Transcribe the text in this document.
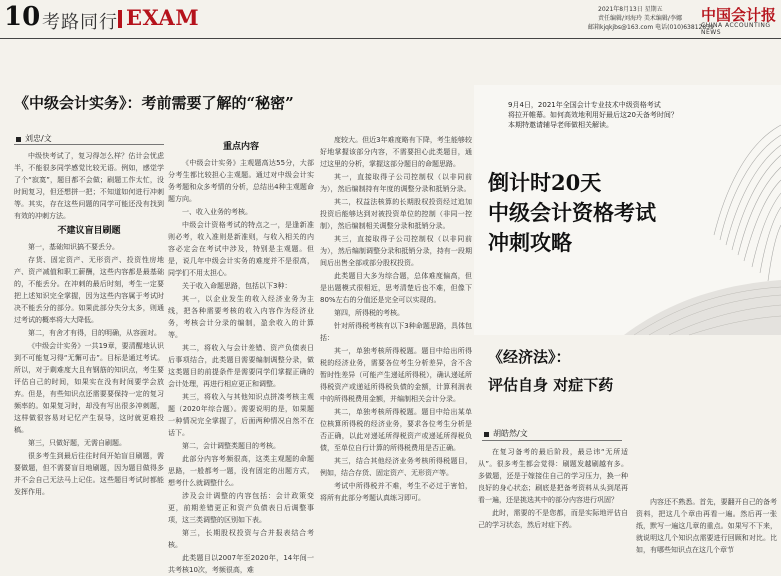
10 考路同行 EXAM	2021年8月13日 星期五
责任编辑/刘海玲 美术编辑/李娜
邮箱kjqkjbs@163.com 电话(010)63812839
中国会计报
CHINA ACCOUNTING NEWS
《中级会计实务》：考前需要了解的“秘密”
刘忠/文

中级快考试了，复习得怎么样？估计会忧虑半，不能很多同学感觉比较无语。例如，感觉学了个“寂寞”，题目都不会做；刷题工作太忙，没时间复习，但还想拼一把；不知道如何进行冲刺等。其实，存在这些问题的同学可能还没有找到有效的冲刺方法。

不建议盲目刷题

第一，基础知识搞不要丢分。

存货、固定资产、无形资产、投资性房地产、资产减值和职工薪酬，这些内容都是最基础的，不能丢分。在冲刺的最后时刻，考生一定要把上述知识完全掌握，因为这些内容属于考试时决不能丢分的部分。如果此部分失分太多，则通过考试的概率将大大降低。

第二，有舍才有得，目的明确，从容面对。

《中级会计实务》一共19章，要清醒地认识到不可能复习得“无懈可击”。目标是通过考试。所以，对于剩难度大且有钢筋的知识点，考生要评估自己的时间，如果实在没有时间要学会放弃。但是，有些知识点还需要要保持一定的复习频率的。如果复习时，却没有写出很多冲刺题，这样做很容易对记忆产生误导，这时就更难投稿。

第三，只做好题，无需自刷题。

很多考生到最后往往时间开始盲目刷题，需要做题，但不需要盲目地刷题，因为题目做得多并不会自己无法马上记住。这些题目考试时都能发挥作用。

重点内容

《中级会计实务》主观题高达55分，大部分考生都比较担心主观题。通过对中级会计实务考题和众多考情的分析，总结出4种主观题命题方向。

一、收入业务的考核。

中级会计资格考试的特点之一，是逢新准则必考，收入准则是新准则，与收入相关的内容必定会在考试中涉及，特别是主观题。但是，说几年中级会计实务的难度并不是很高，同学们不用太担心。

关于收入命题思路，包括以下3种：

其一，以企业发生的收入经济业务为主线，把各种需要考核的收入内容作为经济业务，考核会计分录的编制，盈余收入的计算等。

其二，将收入与会计差错、资产负债表日后事项结合，此类题目需要编制调整分录，做这类题目的前提条件是需要同学们掌握正确的会计处理，再进行相应更正和调整。

其三，将收入与其他知识点拼凑考核主观题（2020年综合题）。需要说明的是，如果题一种情况完全掌握了，后面两种情况自然不在话下。

第二，会计调整类题目的考核。

此部分内容考频很高，这类主观题的命题思路，一般都考一题，没有固定的出题方式，想考什么就调整什么。

涉及会计调整的内容包括：会计政策变更，前期差错更正和资产负债表日后调整事项，这三类调整的区别如下表。

第三，长期股权投资与合并报表结合考核。

此类题目以2007年至2020年，14年间一共考核10次，考频很高，难

度较大。但近3年难度略有下降，考生能够较好地掌握该部分内容，不需要担心此类题目，通过这里的分析，掌握这部分题目的命题思路。

其一，直接取得子公司控制权（以非同前为），然后编制持有年度的调整分录和抵销分录。

其二，权益法核算的长期股权投资经过追加投资后能够达到对被投资单位的控制（非同一控制），然后编制相关调整分录和抵销分录。

其三，直接取得子公司控制权（以非同前为），然后编制调整分录和抵销分录，持有一段期间后出售全部或部分股权投资。

此类题目大多为综合题，总体难度偏高，但是出题模式很相近，思考清楚后也不难，但像下80%左右的分值还是完全可以实现的。

第四，所得税的考核。

针对所得税考核有以下3种命题思路，具体包括：

其一，单独考核所得税题。题目中给出所得税的经济业务，需要各位考生分析差异，含不含暂时性差异（可能产生递延所得税），确认递延所得税资产或递延所得税负债的金额，计算利润表中的所得税费用金额，并编制相关会计分录。

其二，单独考核所得税题。题目中给出某单位核算所得税的经济业务，要求各位考生分析是否正确，以此对递延所得税资产或递延所得税负债，至单位自行计算的所得税费用是否正确。

其三，结合其他经济业务考核所得税题目，例如，结合存货、固定资产、无形资产等。

考试中所得税并不难，考生不必过于害怕，将所有此部分考题认真练习即可。

9月4日，2021年全国会计专业技术中级资格考试
将拉开帷幕。如何高效地利用好最后这20天备考时间？
本期特邀请辅导老师做相关解读。
倒计时20天
中级会计资格考试
冲刺攻略
《经济法》：
评估自身 对症下药
胡皓然/文

在复习备考的最后阶段，最忌讳“无所适从”。很多考生都会觉得：刷题发越刷越有多。多做题，还是于嫁接住自己的学习压力，换一种良好的身心状态；刷底是把备考资料从头到尾再看一遍，还是挑选其中的部分内容进行巩固？

此时，需要的不是您都，而是实际地评估自己的学习状态，然后对症下药。

内容还不熟悉。首先，要翻开自己的备考资料，把这几个章由再看一遍。然后再一张纸，默写一遍这几章的重点。如果写不下来，就说明这几个知识点需要进行回顾和对比。比如，有哪些知识点在这几个章节
